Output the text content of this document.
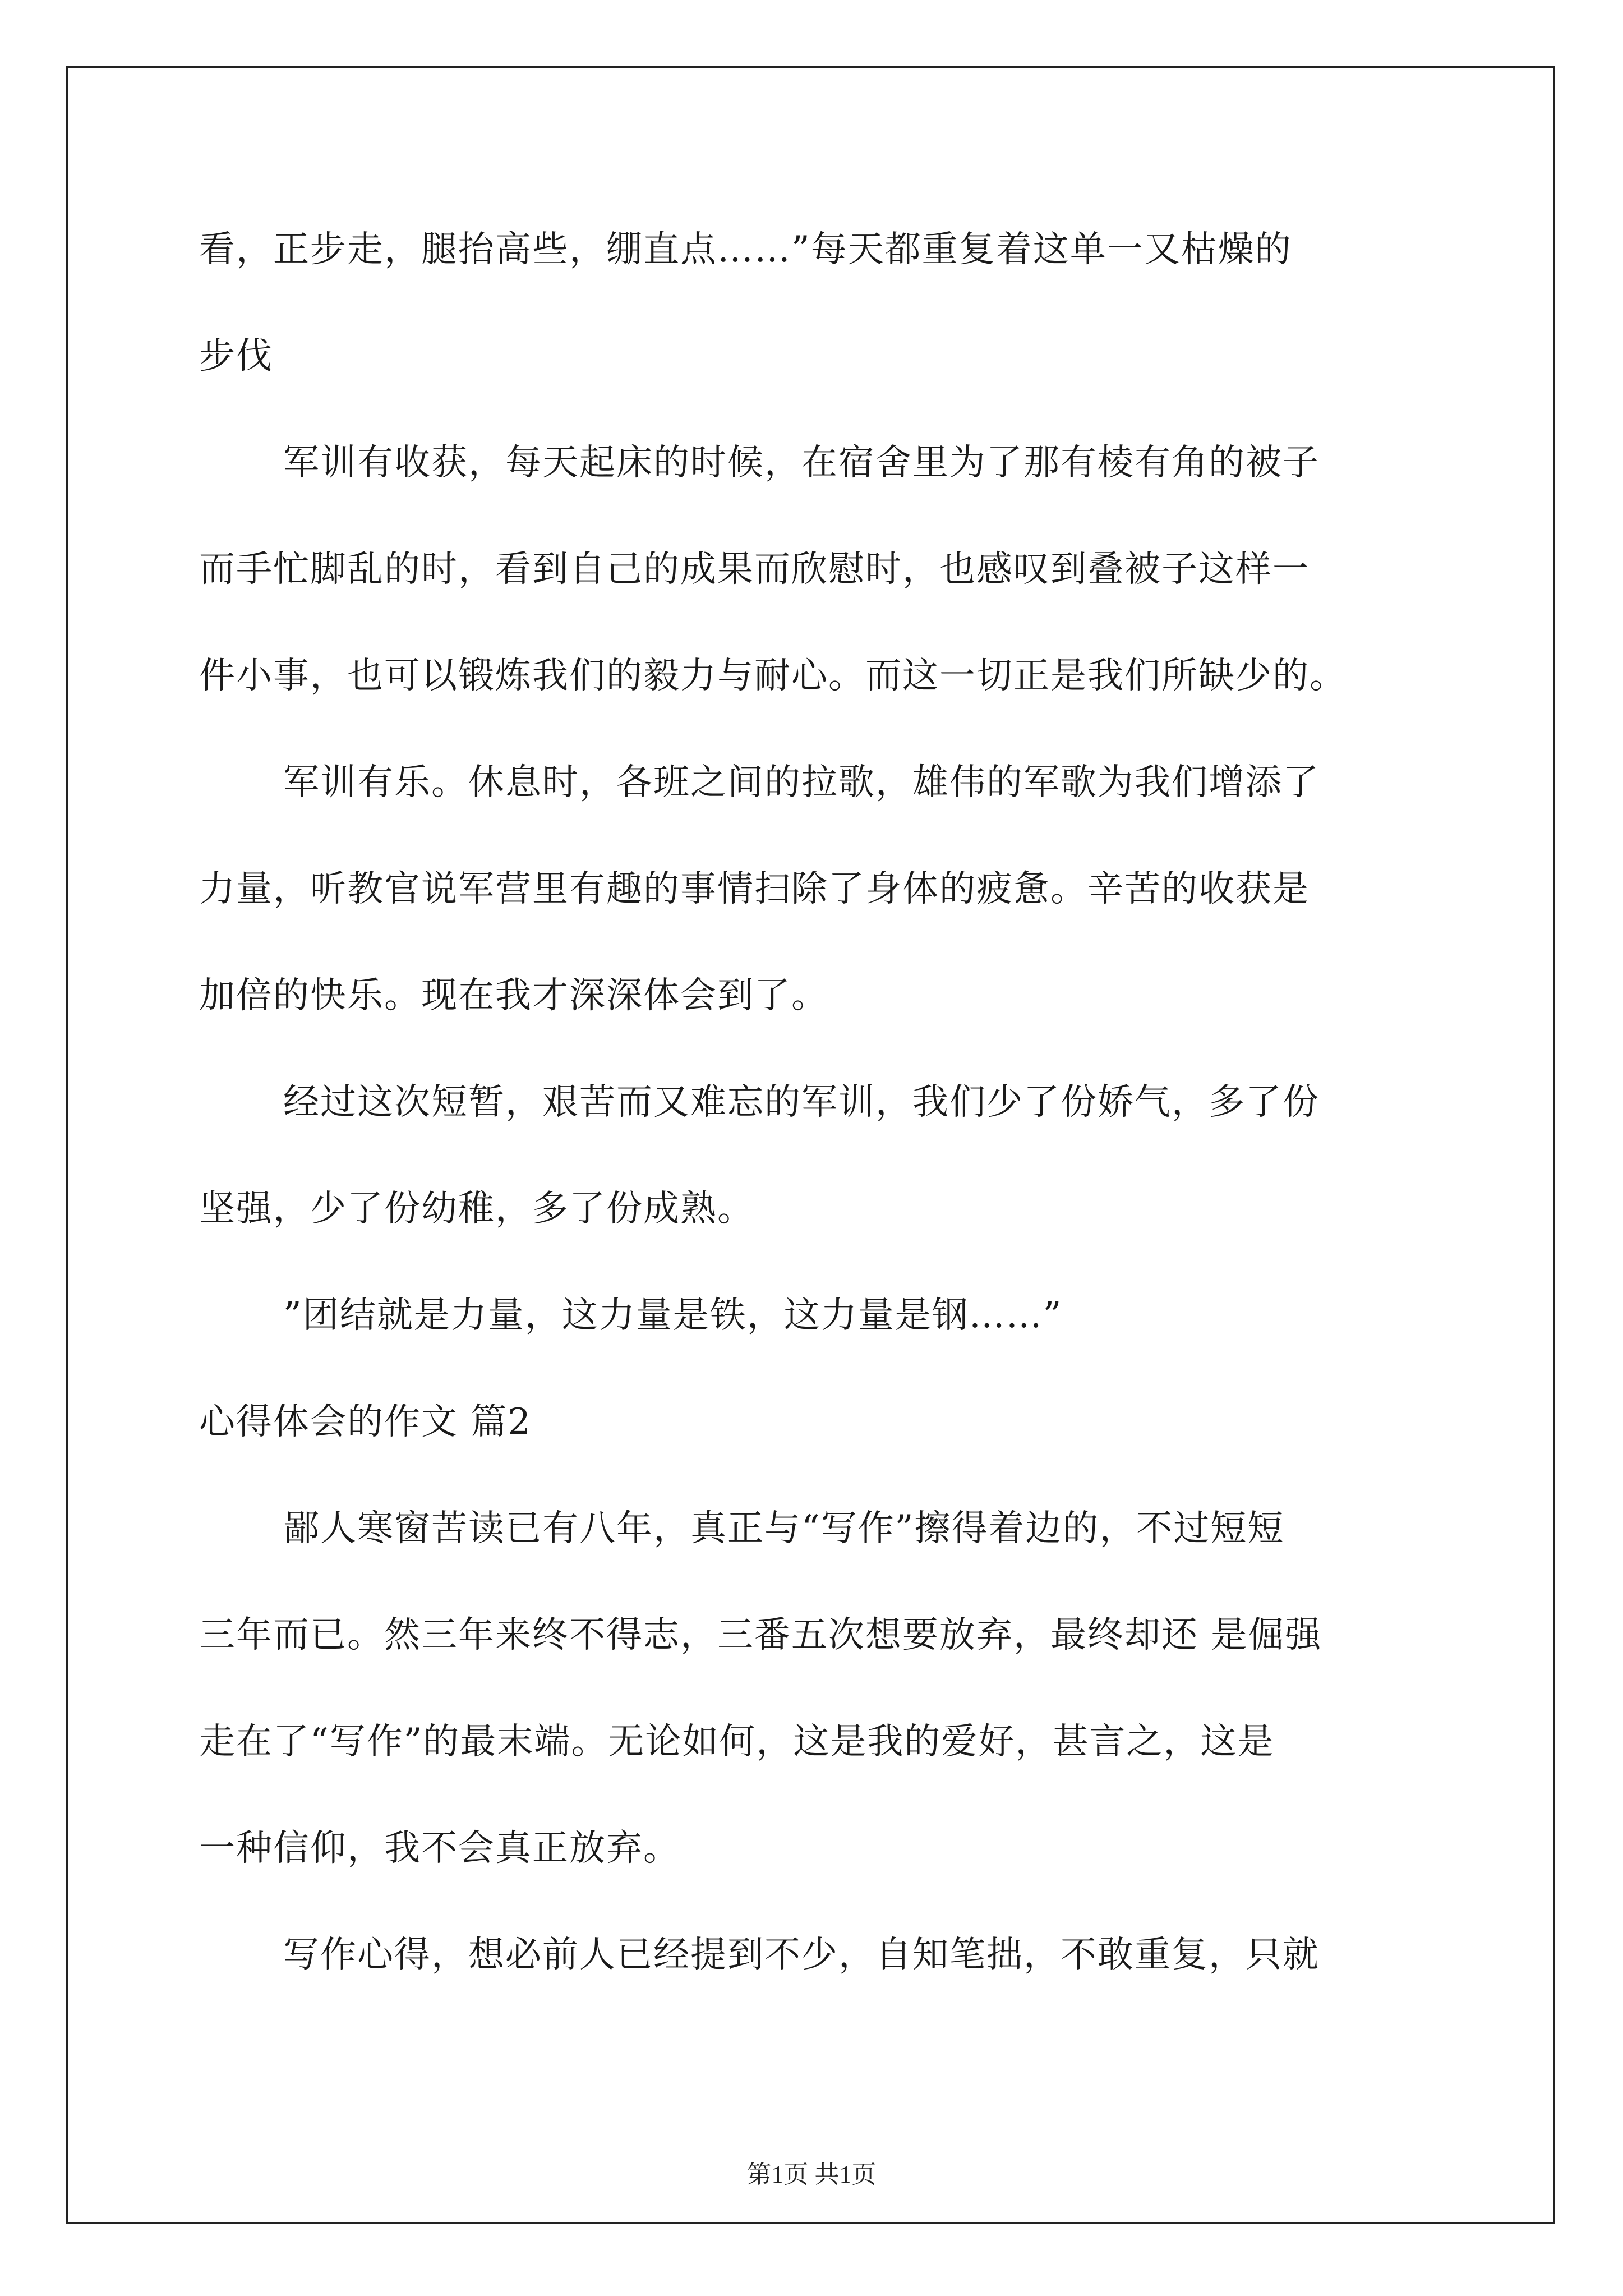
看，正步走，腿抬高些，绷直点……”每天都重复着这单一又枯燥的
步伐
军训有收获，每天起床的时候，在宿舍里为了那有棱有角的被子
而手忙脚乱的时，看到自己的成果而欣慰时，也感叹到叠被子这样一
件小事，也可以锻炼我们的毅力与耐心。而这一切正是我们所缺少的。
军训有乐。休息时，各班之间的拉歌，雄伟的军歌为我们增添了
力量，听教官说军营里有趣的事情扫除了身体的疲惫。辛苦的收获是
加倍的快乐。现在我才深深体会到了。
经过这次短暂，艰苦而又难忘的军训，我们少了份娇气，多了份
坚强，少了份幼稚，多了份成熟。
”团结就是力量，这力量是铁，这力量是钢……”
心得体会的作文 篇2
鄙人寒窗苦读已有八年，真正与“写作”擦得着边的，不过短短
三年而已。然三年来终不得志，三番五次想要放弃，最终却还 是倔强
走在了“写作”的最末端。无论如何，这是我的爱好，甚言之，这是
一种信仰，我不会真正放弃。
写作心得，想必前人已经提到不少，自知笔拙，不敢重复，只就
第1页 共1页
